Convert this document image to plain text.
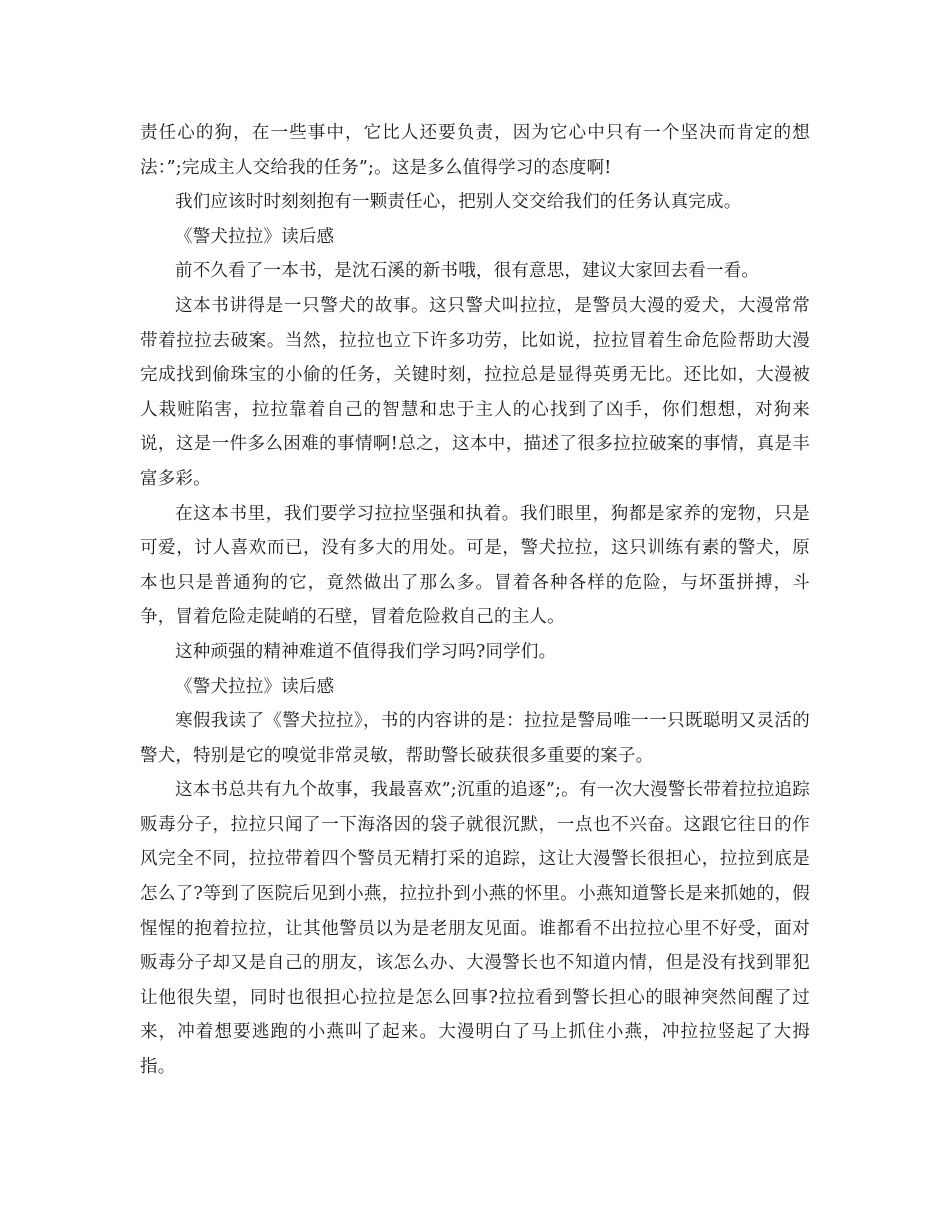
责任心的狗，在一些事中，它比人还要负责，因为它心中只有一个坚决而肯定的想法：”;完成主人交给我的任务”;。这是多么值得学习的态度啊!

我们应该时时刻刻抱有一颗责任心，把别人交交给我们的任务认真完成。

《警犬拉拉》读后感

前不久看了一本书，是沈石溪的新书哦，很有意思，建议大家回去看一看。

这本书讲得是一只警犬的故事。这只警犬叫拉拉，是警员大漫的爱犬，大漫常常带着拉拉去破案。当然，拉拉也立下许多功劳，比如说，拉拉冒着生命危险帮助大漫完成找到偷珠宝的小偷的任务，关键时刻，拉拉总是显得英勇无比。还比如，大漫被人栽赃陷害，拉拉靠着自己的智慧和忠于主人的心找到了凶手，你们想想，对狗来说，这是一件多么困难的事情啊!总之，这本中，描述了很多拉拉破案的事情，真是丰富多彩。

在这本书里，我们要学习拉拉坚强和执着。我们眼里，狗都是家养的宠物，只是可爱，讨人喜欢而已，没有多大的用处。可是，警犬拉拉，这只训练有素的警犬，原本也只是普通狗的它，竟然做出了那么多。冒着各种各样的危险，与坏蛋拼搏，斗争，冒着危险走陡峭的石壁，冒着危险救自己的主人。

这种顽强的精神难道不值得我们学习吗?同学们。

《警犬拉拉》读后感

寒假我读了《警犬拉拉》，书的内容讲的是：拉拉是警局唯一一只既聪明又灵活的警犬，特别是它的嗅觉非常灵敏，帮助警长破获很多重要的案子。

这本书总共有九个故事，我最喜欢”;沉重的追逐”;。有一次大漫警长带着拉拉追踪贩毒分子，拉拉只闻了一下海洛因的袋子就很沉默，一点也不兴奋。这跟它往日的作风完全不同，拉拉带着四个警员无精打采的追踪，这让大漫警长很担心，拉拉到底是怎么了?等到了医院后见到小燕，拉拉扑到小燕的怀里。小燕知道警长是来抓她的，假惺惺的抱着拉拉，让其他警员以为是老朋友见面。谁都看不出拉拉心里不好受，面对贩毒分子却又是自己的朋友，该怎么办、大漫警长也不知道内情，但是没有找到罪犯让他很失望，同时也很担心拉拉是怎么回事?拉拉看到警长担心的眼神突然间醒了过来，冲着想要逃跑的小燕叫了起来。大漫明白了马上抓住小燕，冲拉拉竖起了大拇指。
